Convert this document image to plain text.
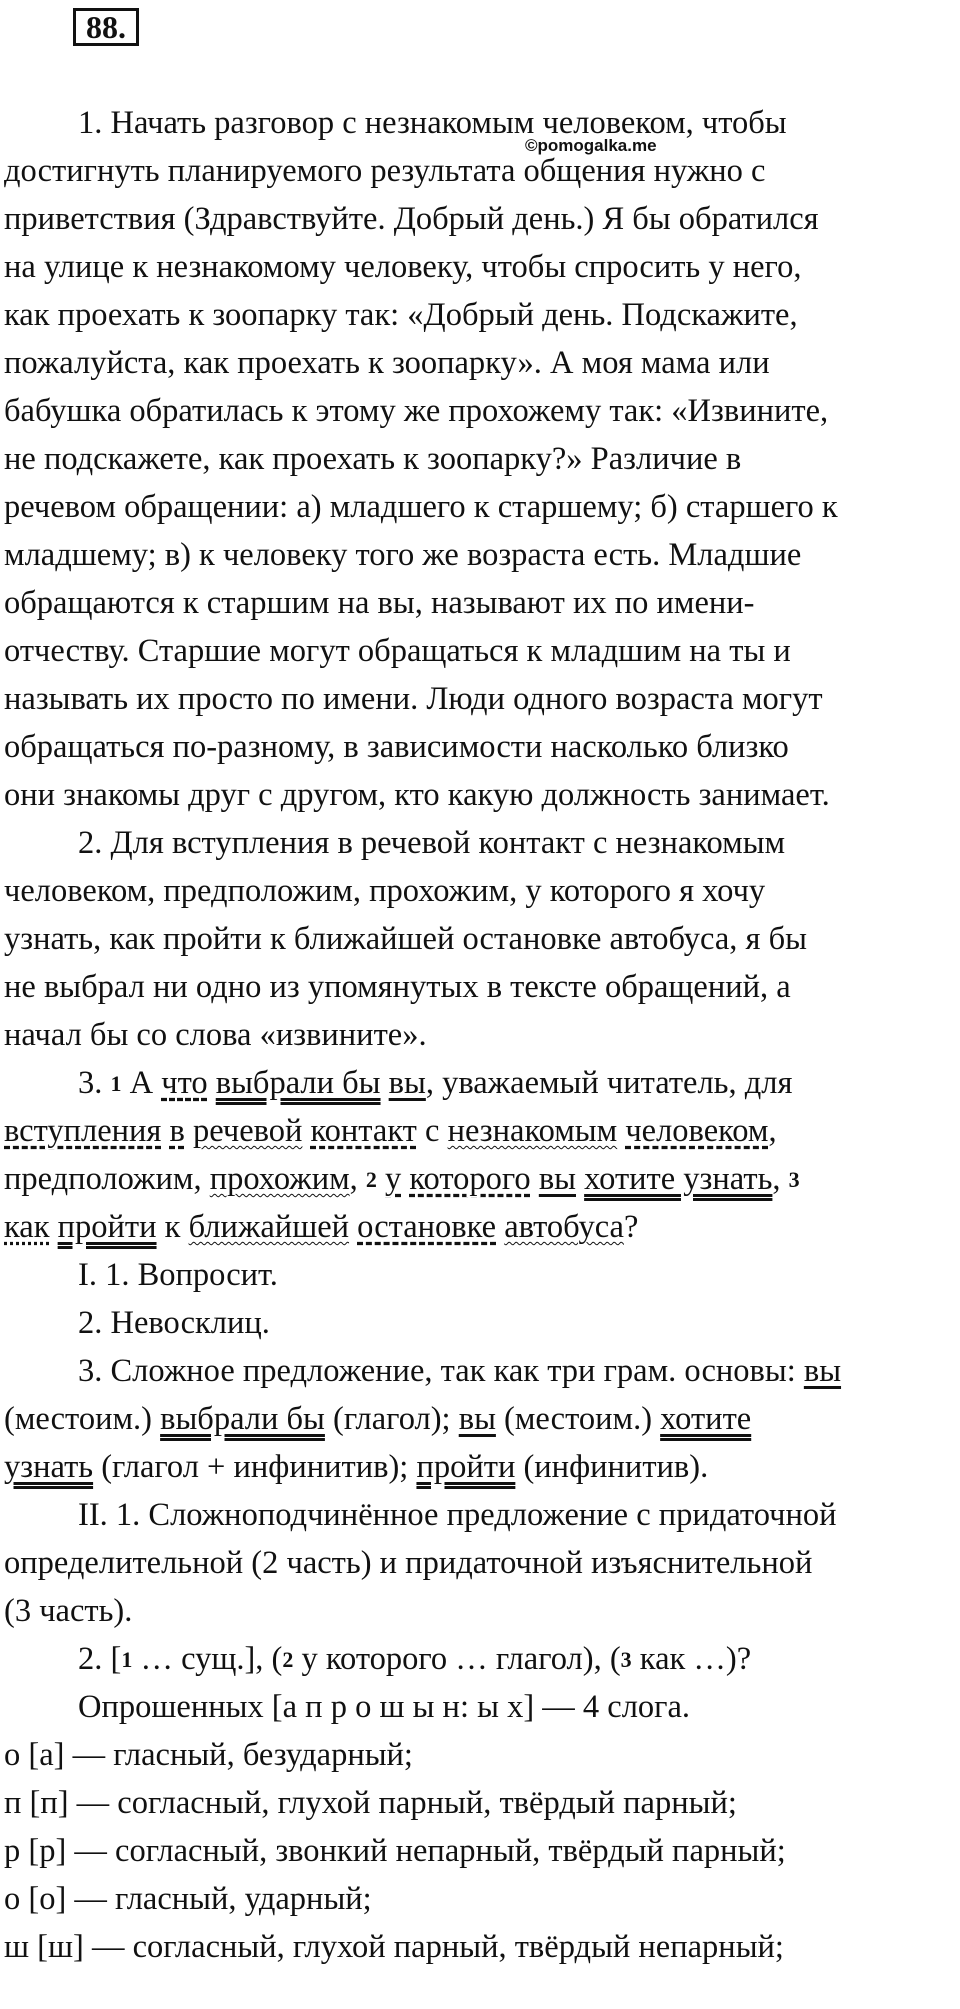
88.
©pomogalka.me
1. Начать разговор с незнакомым человеком, чтобы
достигнуть планируемого результата общения нужно с
приветствия (Здравствуйте. Добрый день.) Я бы обратился
на улице к незнакомому человеку, чтобы спросить у него,
как проехать к зоопарку так: «Добрый день. Подскажите,
пожалуйста, как проехать к зоопарку». А моя мама или
бабушка обратилась к этому же прохожему так: «Извините,
не подскажете, как проехать к зоопарку?» Различие в
речевом обращении: а) младшего к старшему; б) старшего к
младшему; в) к человеку того же возраста есть. Младшие
обращаются к старшим на вы, называют их по имени-
отчеству. Старшие могут обращаться к младшим на ты и
называть их просто по имени. Люди одного возраста могут
обращаться по-разному, в зависимости насколько близко
они знакомы друг с другом, кто какую должность занимает.
2. Для вступления в речевой контакт с незнакомым
человеком, предположим, прохожим, у которого я хочу
узнать, как пройти к ближайшей остановке автобуса, я бы
не выбрал ни одно из упомянутых в тексте обращений, а
начал бы со слова «извините».
3. 1 А что выбрали бы вы, уважаемый читатель, для
вступления в речевой контакт с незнакомым человеком,
предположим, прохожим, 2 у которого вы хотите узнать, 3
как пройти к ближайшей остановке автобуса?
I. 1. Вопросит.
2. Невосклиц.
3. Сложное предложение, так как три грам. основы: вы
(местоим.) выбрали бы (глагол); вы (местоим.) хотите
узнать (глагол + инфинитив); пройти (инфинитив).
II. 1. Сложноподчинённое предложение с придаточной
определительной (2 часть) и придаточной изъяснительной
(3 часть).
2. [1 … сущ.], (2 у которого … глагол), (3 как …)?
Опрошенных [а п р о ш ы н: ы х] — 4 слога.
о [а] — гласный, безударный;
п [п] — согласный, глухой парный, твёрдый парный;
р [р] — согласный, звонкий непарный, твёрдый парный;
о [о] — гласный, ударный;
ш [ш] — согласный, глухой парный, твёрдый непарный;
